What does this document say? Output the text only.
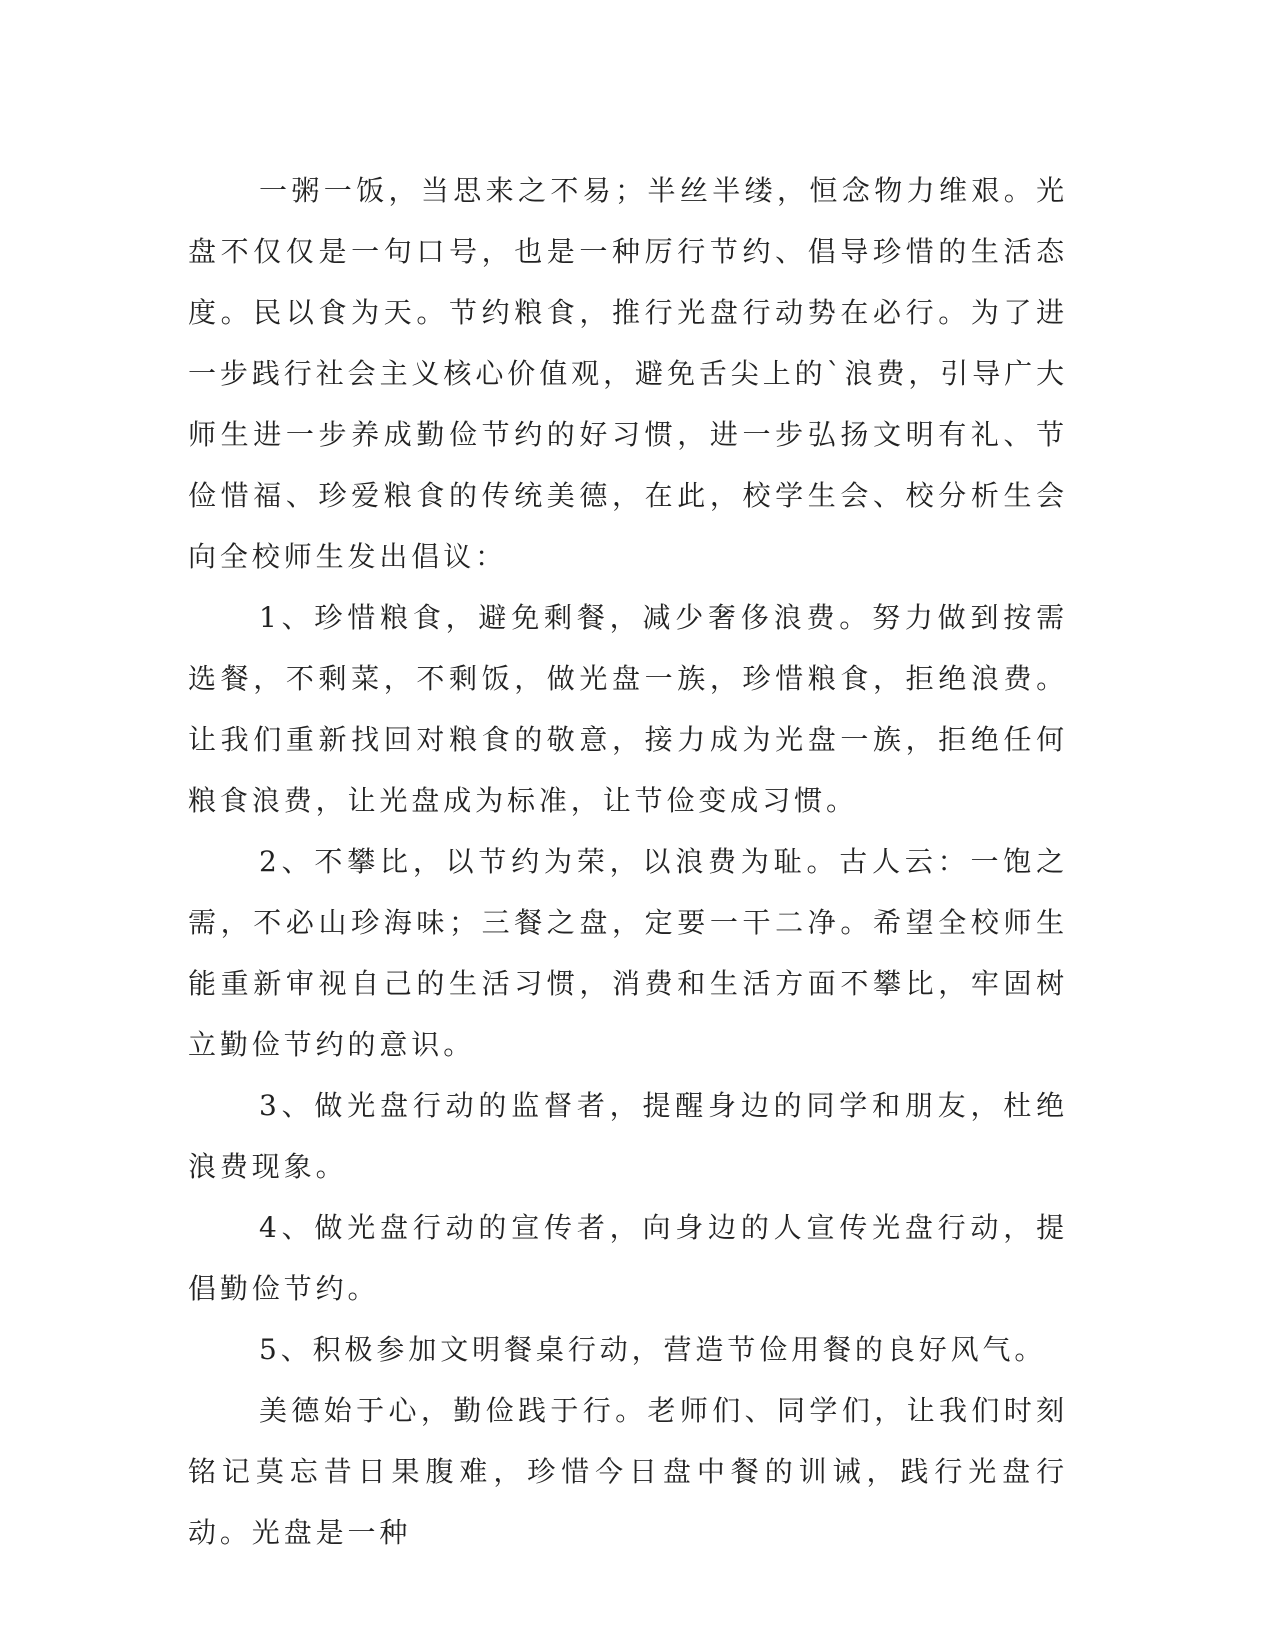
一粥一饭，当思来之不易；半丝半缕，恒念物力维艰。光盘不仅仅是一句口号，也是一种厉行节约、倡导珍惜的生活态度。民以食为天。节约粮食，推行光盘行动势在必行。为了进一步践行社会主义核心价值观，避免舌尖上的`浪费，引导广大师生进一步养成勤俭节约的好习惯，进一步弘扬文明有礼、节俭惜福、珍爱粮食的传统美德，在此，校学生会、校分析生会向全校师生发出倡议：

1、珍惜粮食，避免剩餐，减少奢侈浪费。努力做到按需选餐，不剩菜，不剩饭，做光盘一族，珍惜粮食，拒绝浪费。让我们重新找回对粮食的敬意，接力成为光盘一族，拒绝任何粮食浪费，让光盘成为标准，让节俭变成习惯。

2、不攀比，以节约为荣，以浪费为耻。古人云：一饱之需，不必山珍海味；三餐之盘，定要一干二净。希望全校师生能重新审视自己的生活习惯，消费和生活方面不攀比，牢固树立勤俭节约的意识。

3、做光盘行动的监督者，提醒身边的同学和朋友，杜绝浪费现象。

4、做光盘行动的宣传者，向身边的人宣传光盘行动，提倡勤俭节约。

5、积极参加文明餐桌行动，营造节俭用餐的良好风气。

美德始于心，勤俭践于行。老师们、同学们，让我们时刻铭记莫忘昔日果腹难，珍惜今日盘中餐的训诫，践行光盘行动。光盘是一种
